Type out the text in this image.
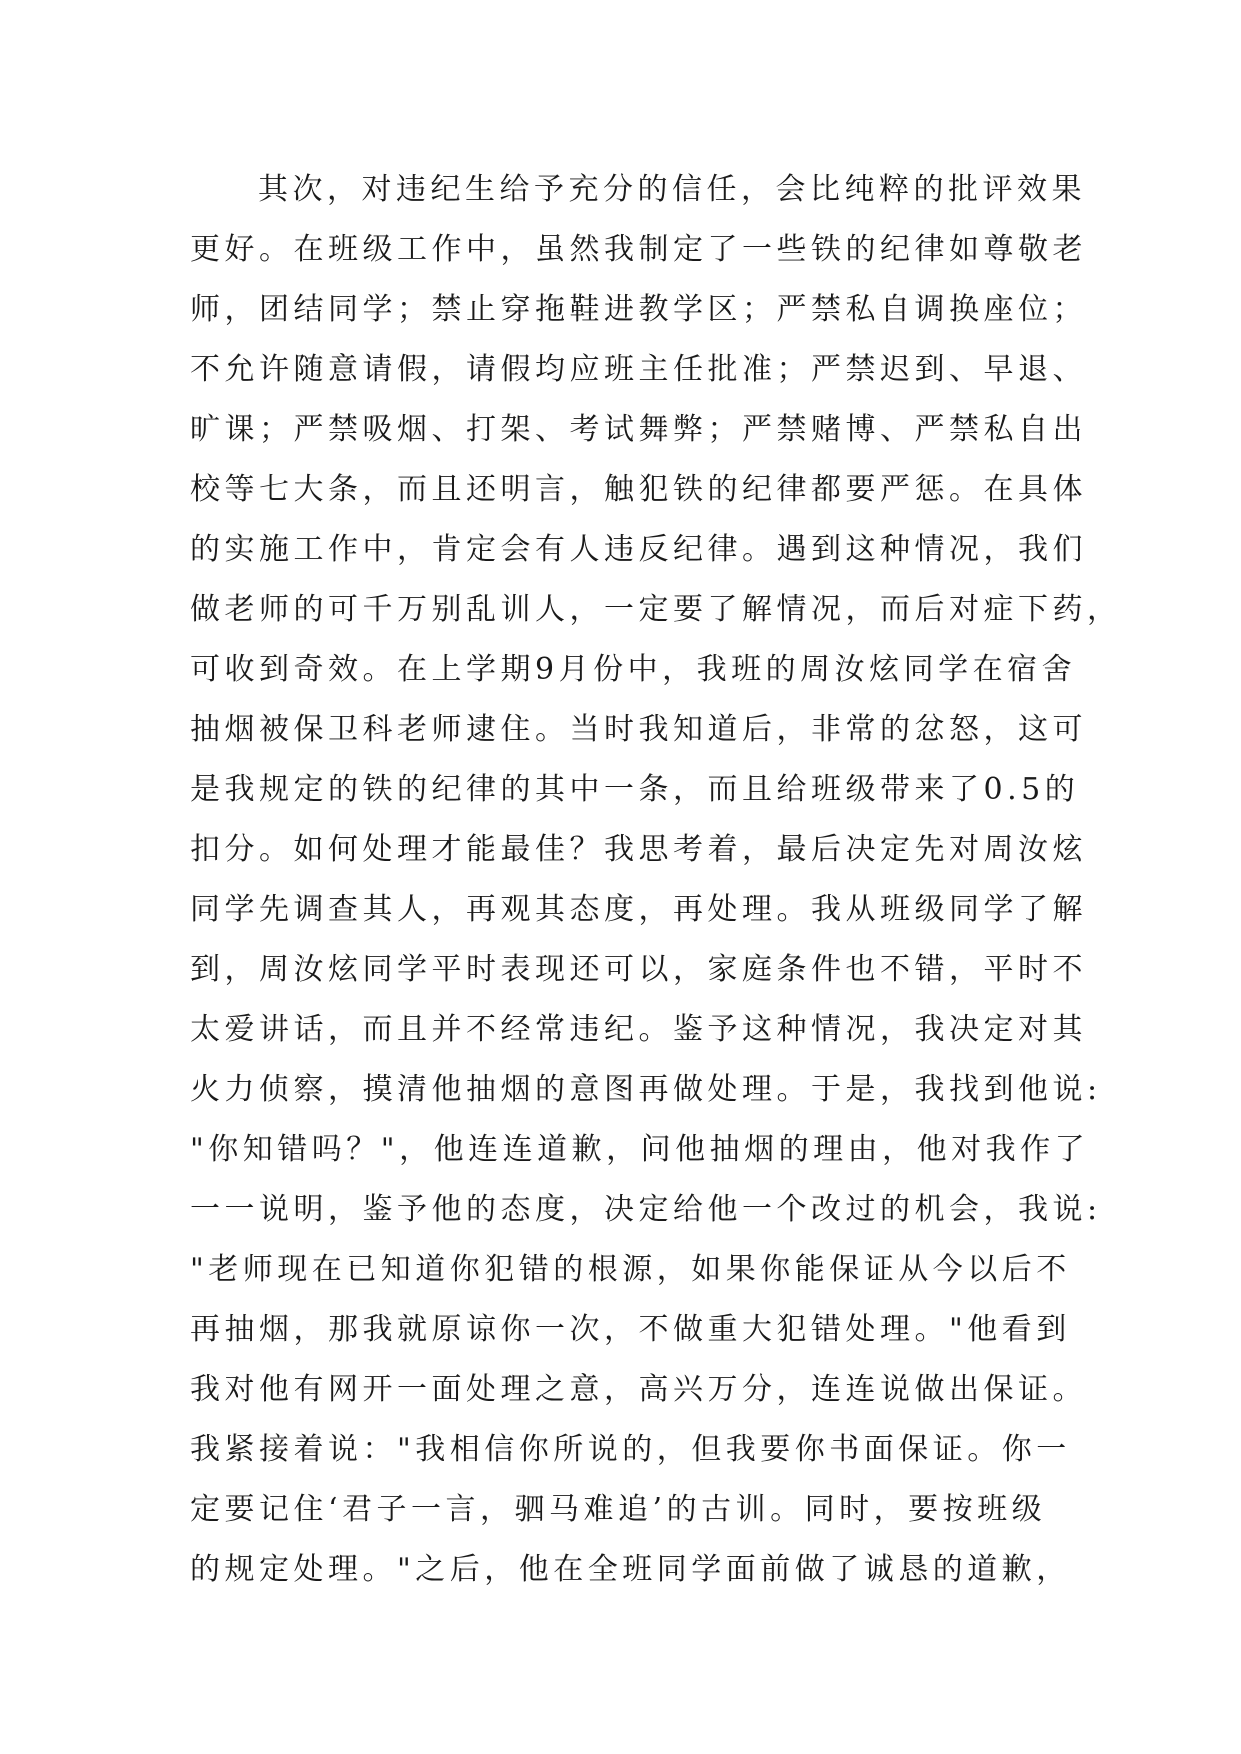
其次，对违纪生给予充分的信任，会比纯粹的批评效果
更好。在班级工作中，虽然我制定了一些铁的纪律如尊敬老
师，团结同学；禁止穿拖鞋进教学区；严禁私自调换座位；
不允许随意请假，请假均应班主任批准；严禁迟到、早退、
旷课；严禁吸烟、打架、考试舞弊；严禁赌博、严禁私自出
校等七大条，而且还明言，触犯铁的纪律都要严惩。在具体
的实施工作中，肯定会有人违反纪律。遇到这种情况，我们
做老师的可千万别乱训人，一定要了解情况，而后对症下药，
可收到奇效。在上学期9月份中，我班的周汝炫同学在宿舍
抽烟被保卫科老师逮住。当时我知道后，非常的忿怒，这可
是我规定的铁的纪律的其中一条，而且给班级带来了0.5的
扣分。如何处理才能最佳？我思考着，最后决定先对周汝炫
同学先调查其人，再观其态度，再处理。我从班级同学了解
到，周汝炫同学平时表现还可以，家庭条件也不错，平时不
太爱讲话，而且并不经常违纪。鉴予这种情况，我决定对其
火力侦察，摸清他抽烟的意图再做处理。于是，我找到他说:
"你知错吗？"，他连连道歉，问他抽烟的理由，他对我作了
一一说明，鉴予他的态度，决定给他一个改过的机会，我说:
"老师现在已知道你犯错的根源，如果你能保证从今以后不
再抽烟，那我就原谅你一次，不做重大犯错处理。"他看到
我对他有网开一面处理之意，高兴万分，连连说做出保证。
我紧接着说："我相信你所说的，但我要你书面保证。你一
定要记住‘君子一言，驷马难追’的古训。同时，要按班级
的规定处理。"之后，他在全班同学面前做了诚恳的道歉，
